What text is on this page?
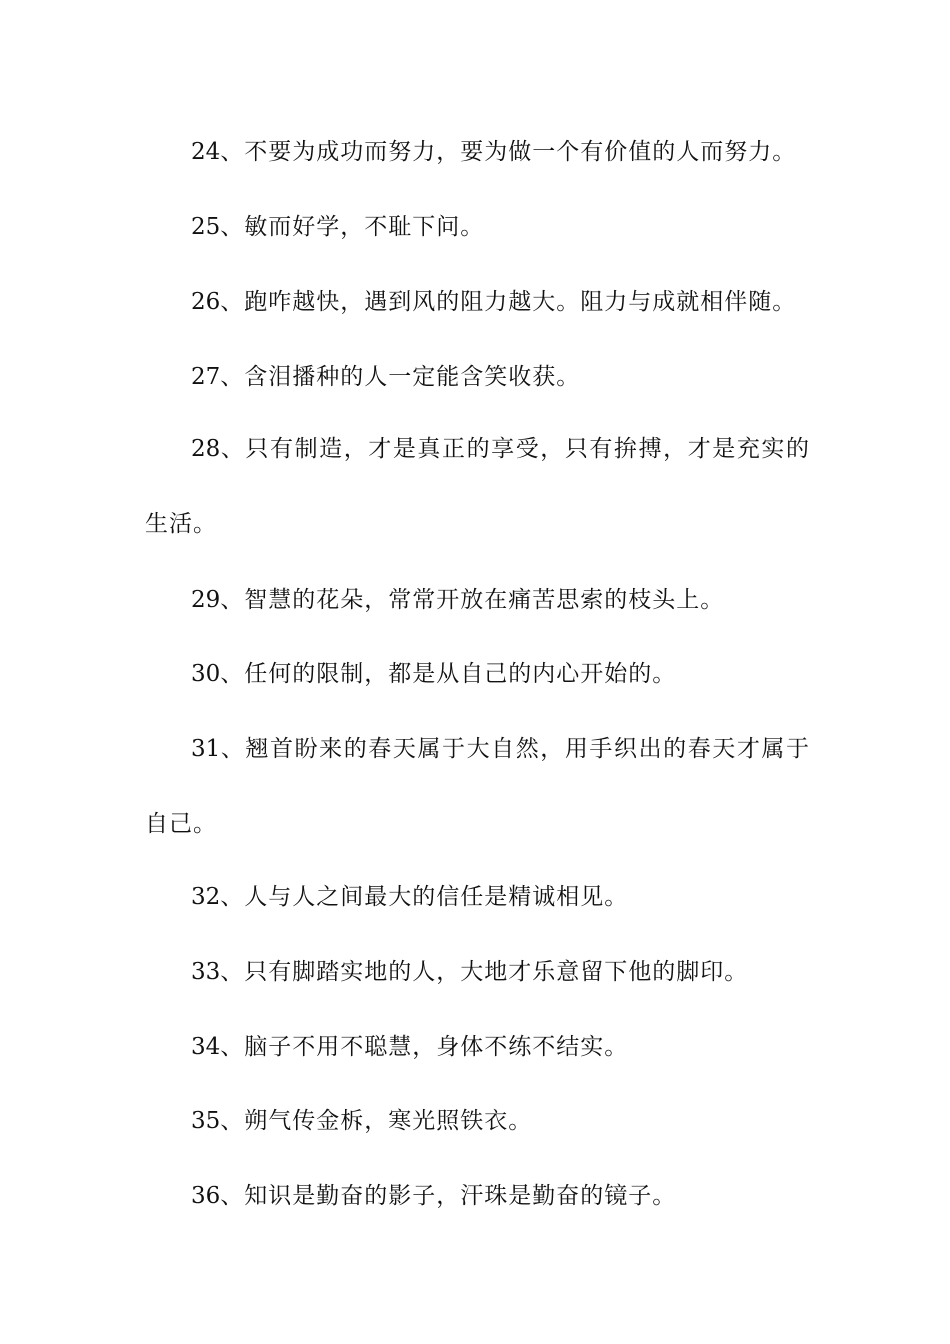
24、不要为成功而努力，要为做一个有价值的人而努力。

25、敏而好学，不耻下问。

26、跑咋越快，遇到风的阻力越大。阻力与成就相伴随。

27、含泪播种的人一定能含笑收获。

28、只有制造，才是真正的享受，只有拚搏，才是充实的生活。

29、智慧的花朵，常常开放在痛苦思索的枝头上。

30、任何的限制，都是从自己的内心开始的。

31、翘首盼来的春天属于大自然，用手织出的春天才属于自己。

32、人与人之间最大的信任是精诚相见。

33、只有脚踏实地的人，大地才乐意留下他的脚印。

34、脑子不用不聪慧，身体不练不结实。

35、朔气传金柝，寒光照铁衣。

36、知识是勤奋的影子，汗珠是勤奋的镜子。
